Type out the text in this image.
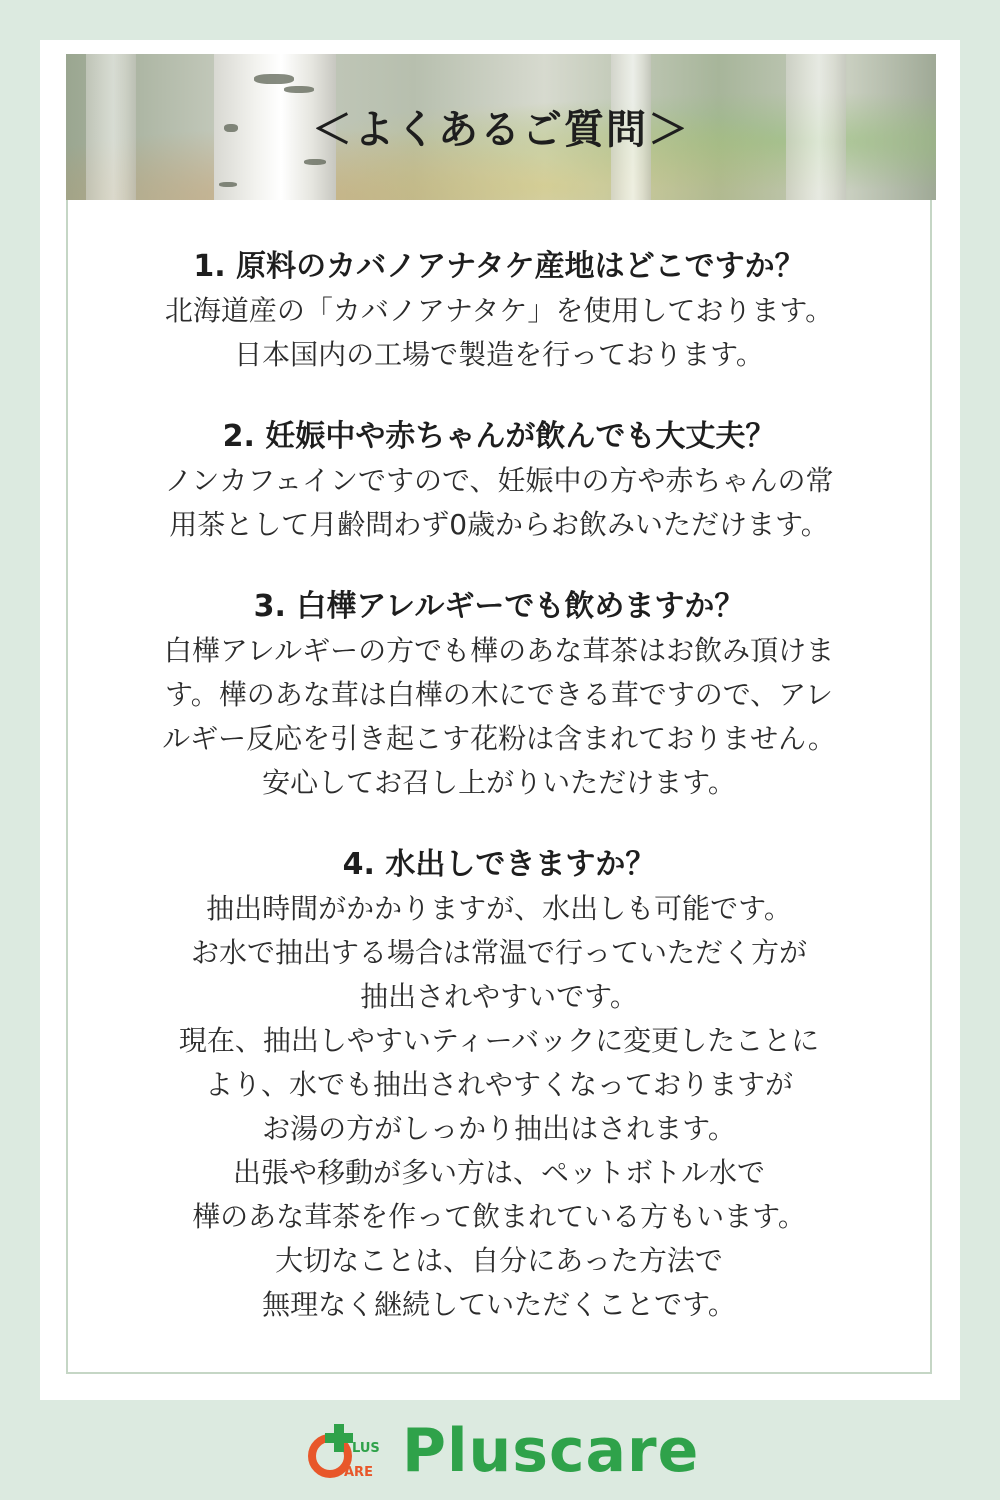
＜よくあるご質問＞
1. 原料のカバノアナタケ産地はどこですか？
北海道産の「カバノアナタケ」を使用しております。
日本国内の工場で製造を行っております。
2. 妊娠中や赤ちゃんが飲んでも大丈夫？
ノンカフェインですので、妊娠中の方や赤ちゃんの常
用茶として月齢問わず0歳からお飲みいただけます。
3. 白樺アレルギーでも飲めますか？
白樺アレルギーの方でも樺のあな茸茶はお飲み頂けま
す。樺のあな茸は白樺の木にできる茸ですので、アレ
ルギー反応を引き起こす花粉は含まれておりません。
安心してお召し上がりいただけます。
4. 水出しできますか？
抽出時間がかかりますが、水出しも可能です。
お水で抽出する場合は常温で行っていただく方が
抽出されやすいです。
現在、抽出しやすいティーバックに変更したことに
より、水でも抽出されやすくなっておりますが
お湯の方がしっかり抽出はされます。
出張や移動が多い方は、ペットボトル水で
樺のあな茸茶を作って飲まれている方もいます。
大切なことは、自分にあった方法で
無理なく継続していただくことです。
LUS
ARE Pluscare
